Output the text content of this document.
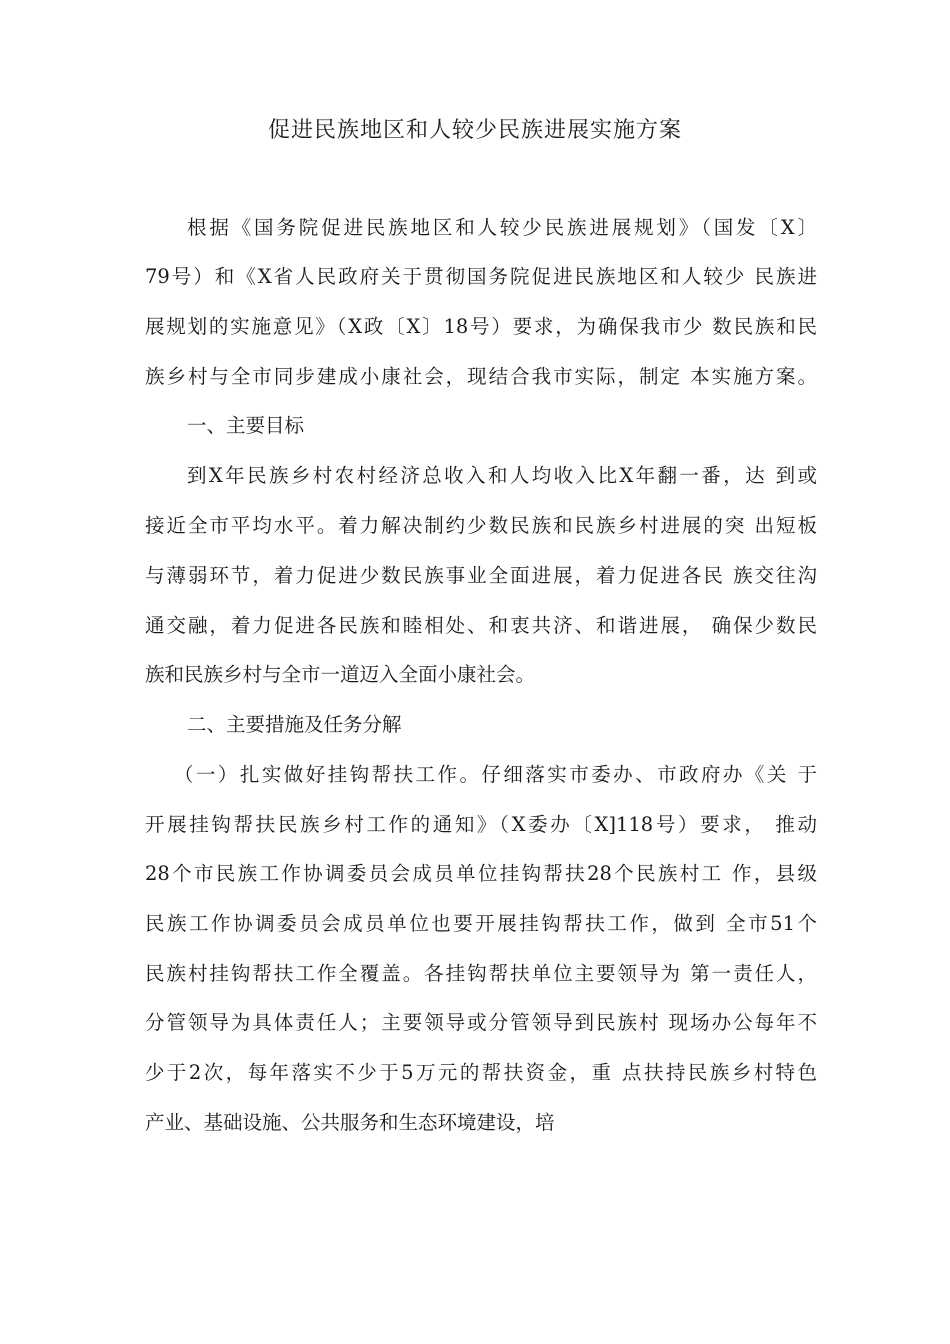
促进民族地区和人较少民族进展实施方案
根据《国务院促进民族地区和人较少民族进展规划》（国发〔X〕
79号）和《X省人民政府关于贯彻国务院促进民族地区和人较少 民族进
展规划的实施意见》（X政〔X〕18号）要求，为确保我市少 数民族和民
族乡村与全市同步建成小康社会，现结合我市实际，制定 本实施方案。
一、主要目标
到X年民族乡村农村经济总收入和人均收入比X年翻一番，达 到或
接近全市平均水平。着力解决制约少数民族和民族乡村进展的突 出短板
与薄弱环节，着力促进少数民族事业全面进展，着力促进各民 族交往沟
通交融，着力促进各民族和睦相处、和衷共济、和谐进展， 确保少数民
族和民族乡村与全市一道迈入全面小康社会。
二、主要措施及任务分解
（一）扎实做好挂钩帮扶工作。仔细落实市委办、市政府办《关 于
开展挂钩帮扶民族乡村工作的通知》（X委办〔X]118号）要求， 推动
28个市民族工作协调委员会成员单位挂钩帮扶28个民族村工 作，县级
民族工作协调委员会成员单位也要开展挂钩帮扶工作，做到 全市51个
民族村挂钩帮扶工作全覆盖。各挂钩帮扶单位主要领导为 第一责任人，
分管领导为具体责任人；主要领导或分管领导到民族村 现场办公每年不
少于2次，每年落实不少于5万元的帮扶资金，重 点扶持民族乡村特色
产业、基础设施、公共服务和生态环境建设，培
